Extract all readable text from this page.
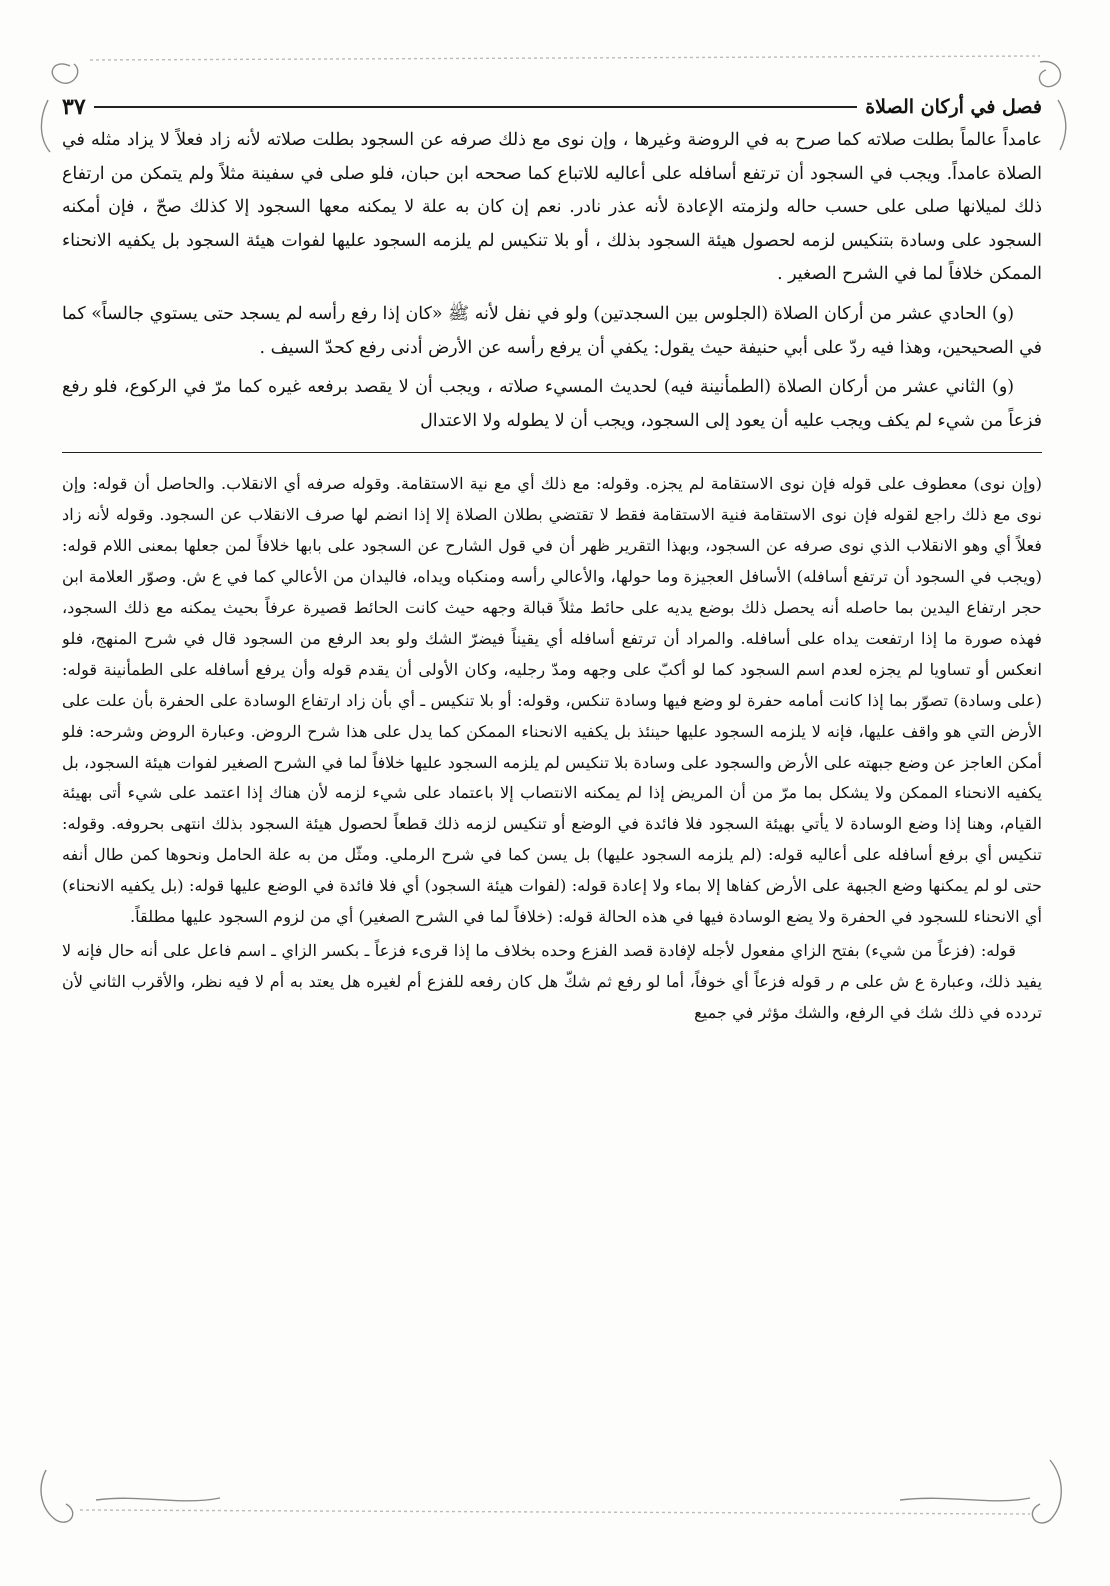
فصل في أركان الصلاة
٣٧

عامداً عالماً بطلت صلاته كما صرح به في الروضة وغيرها ، وإن نوى مع ذلك صرفه عن السجود بطلت صلاته لأنه زاد فعلاً لا يزاد مثله في الصلاة عامداً. ويجب في السجود أن ترتفع أسافله على أعاليه للاتباع كما صححه ابن حبان، فلو صلى في سفينة مثلاً ولم يتمكن من ارتفاع ذلك لميلانها صلى على حسب حاله ولزمته الإعادة لأنه عذر نادر. نعم إن كان به علة لا يمكنه معها السجود إلا كذلك صحّ ، فإن أمكنه السجود على وسادة بتنكيس لزمه لحصول هيئة السجود بذلك ، أو بلا تنكيس لم يلزمه السجود عليها لفوات هيئة السجود بل يكفيه الانحناء الممكن خلافاً لما في الشرح الصغير .

(و) الحادي عشر من أركان الصلاة (الجلوس بين السجدتين) ولو في نفل لأنه ﷺ «كان إذا رفع رأسه لم يسجد حتى يستوي جالساً» كما في الصحيحين، وهذا فيه ردّ على أبي حنيفة حيث يقول: يكفي أن يرفع رأسه عن الأرض أدنى رفع كحدّ السيف .

(و) الثاني عشر من أركان الصلاة (الطمأنينة فيه) لحديث المسيء صلاته ، ويجب أن لا يقصد برفعه غيره كما مرّ في الركوع، فلو رفع فزعاً من شيء لم يكف ويجب عليه أن يعود إلى السجود، ويجب أن لا يطوله ولا الاعتدال

(وإن نوى) معطوف على قوله فإن نوى الاستقامة لم يجزه. وقوله: مع ذلك أي مع نية الاستقامة. وقوله صرفه أي الانقلاب. والحاصل أن قوله: وإن نوى مع ذلك راجع لقوله فإن نوى الاستقامة فنية الاستقامة فقط لا تقتضي بطلان الصلاة إلا إذا انضم لها صرف الانقلاب عن السجود. وقوله لأنه زاد فعلاً أي وهو الانقلاب الذي نوى صرفه عن السجود، وبهذا التقرير ظهر أن في قول الشارح عن السجود على بابها خلافاً لمن جعلها بمعنى اللام قوله: (ويجب في السجود أن ترتفع أسافله) الأسافل العجيزة وما حولها، والأعالي رأسه ومنكباه ويداه، فاليدان من الأعالي كما في ع ش. وصوّر العلامة ابن حجر ارتفاع اليدين بما حاصله أنه يحصل ذلك بوضع يديه على حائط مثلاً قبالة وجهه حيث كانت الحائط قصيرة عرفاً بحيث يمكنه مع ذلك السجود، فهذه صورة ما إذا ارتفعت يداه على أسافله. والمراد أن ترتفع أسافله أي يقيناً فيضرّ الشك ولو بعد الرفع من السجود قال في شرح المنهج، فلو انعكس أو تساويا لم يجزه لعدم اسم السجود كما لو أكبّ على وجهه ومدّ رجليه، وكان الأولى أن يقدم قوله وأن يرفع أسافله على الطمأنينة قوله: (على وسادة) تصوّر بما إذا كانت أمامه حفرة لو وضع فيها وسادة تنكس، وقوله: أو بلا تنكيس ـ أي بأن زاد ارتفاع الوسادة على الحفرة بأن علت على الأرض التي هو واقف عليها، فإنه لا يلزمه السجود عليها حينئذ بل يكفيه الانحناء الممكن كما يدل على هذا شرح الروض. وعبارة الروض وشرحه: فلو أمكن العاجز عن وضع جبهته على الأرض والسجود على وسادة بلا تنكيس لم يلزمه السجود عليها خلافاً لما في الشرح الصغير لفوات هيئة السجود، بل يكفيه الانحناء الممكن ولا يشكل بما مرّ من أن المريض إذا لم يمكنه الانتصاب إلا باعتماد على شيء لزمه لأن هناك إذا اعتمد على شيء أتى بهيئة القيام، وهنا إذا وضع الوسادة لا يأتي بهيئة السجود فلا فائدة في الوضع أو تنكيس لزمه ذلك قطعاً لحصول هيئة السجود بذلك انتهى بحروفه. وقوله: تنكيس أي برفع أسافله على أعاليه قوله: (لم يلزمه السجود عليها) بل يسن كما في شرح الرملي. ومثّل من به علة الحامل ونحوها كمن طال أنفه حتى لو لم يمكنها وضع الجبهة على الأرض كفاها إلا بماء ولا إعادة قوله: (لفوات هيئة السجود) أي فلا فائدة في الوضع عليها قوله: (بل يكفيه الانحناء) أي الانحناء للسجود في الحفرة ولا يضع الوسادة فيها في هذه الحالة قوله: (خلافاً لما في الشرح الصغير) أي من لزوم السجود عليها مطلقاً.

قوله: (فزعاً من شيء) بفتح الزاي مفعول لأجله لإفادة قصد الفزع وحده بخلاف ما إذا قرىء فزعاً ـ بكسر الزاي ـ اسم فاعل على أنه حال فإنه لا يفيد ذلك، وعبارة ع ش على م ر قوله فزعاً أي خوفاً، أما لو رفع ثم شكّ هل كان رفعه للفزع أم لغيره هل يعتد به أم لا فيه نظر، والأقرب الثاني لأن تردده في ذلك شك في الرفع، والشك مؤثر في جميع
